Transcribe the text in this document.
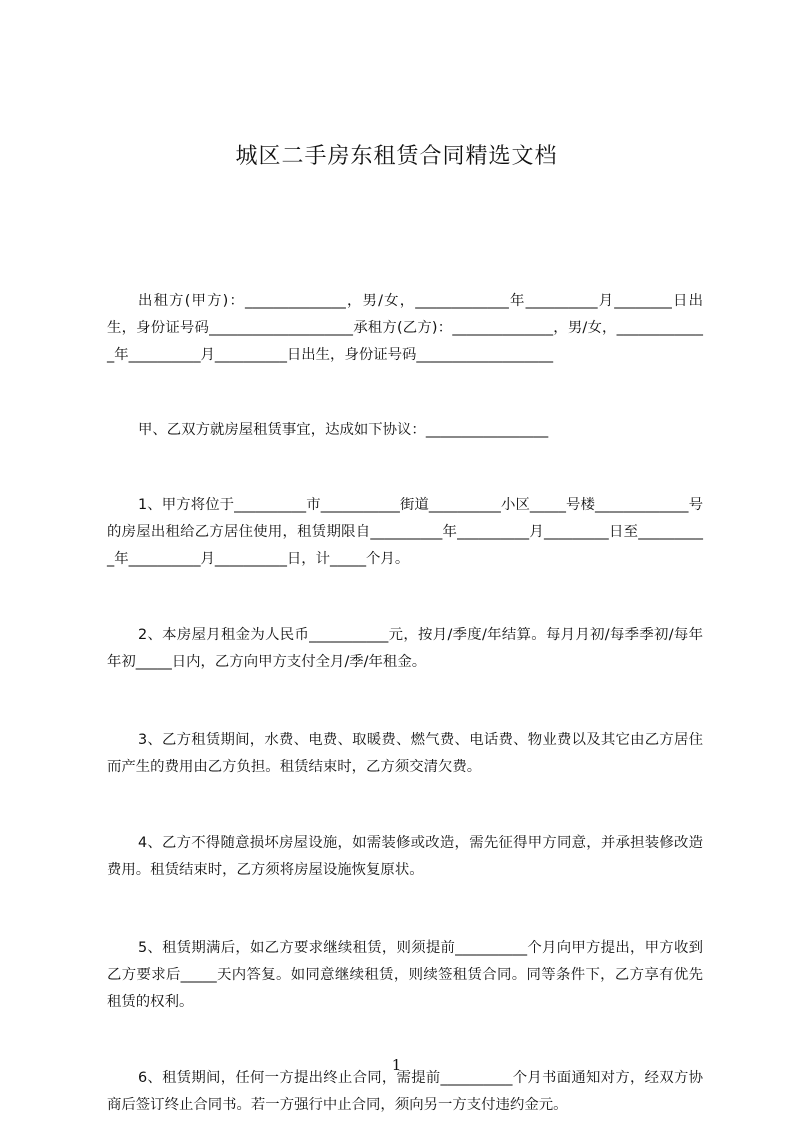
城区二手房东租赁合同精选文档

出租方(甲方)：______________，男/女，_____________年__________月________日出生，身份证号码____________________承租方(乙方)：______________，男/女，_____________年__________月__________日出生，身份证号码___________________

甲、乙双方就房屋租赁事宜，达成如下协议：_________________

1、甲方将位于__________市___________街道__________小区_____号楼_____________号的房屋出租给乙方居住使用，租赁期限自__________年__________月_________日至__________年__________月__________日，计_____个月。

2、本房屋月租金为人民币___________元，按月/季度/年结算。每月月初/每季季初/每年年初_____日内，乙方向甲方支付全月/季/年租金。

3、乙方租赁期间，水费、电费、取暖费、燃气费、电话费、物业费以及其它由乙方居住而产生的费用由乙方负担。租赁结束时，乙方须交清欠费。

4、乙方不得随意损坏房屋设施，如需装修或改造，需先征得甲方同意，并承担装修改造费用。租赁结束时，乙方须将房屋设施恢复原状。

5、租赁期满后，如乙方要求继续租赁，则须提前__________个月向甲方提出，甲方收到乙方要求后_____天内答复。如同意继续租赁，则续签租赁合同。同等条件下，乙方享有优先租赁的权利。

6、租赁期间，任何一方提出终止合同，需提前__________个月书面通知对方，经双方协商后签订终止合同书。若一方强行中止合同，须向另一方支付违约金元。

1
